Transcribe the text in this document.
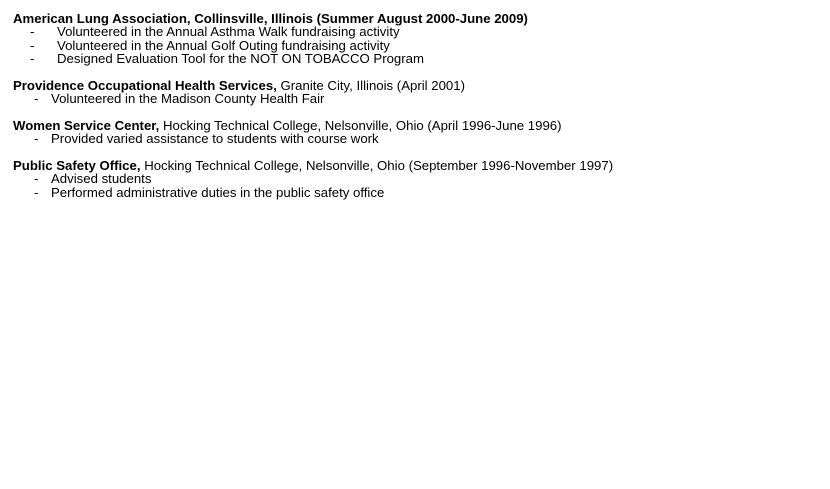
American Lung Association, Collinsville, Illinois (Summer August 2000-June 2009)
- Volunteered in the Annual Asthma Walk fundraising activity
- Volunteered in the Annual Golf Outing fundraising activity
- Designed Evaluation Tool for the NOT ON TOBACCO Program
Providence Occupational Health Services, Granite City, Illinois (April 2001)
- Volunteered in the Madison County Health Fair
Women Service Center, Hocking Technical College, Nelsonville, Ohio (April 1996-June 1996)
- Provided varied assistance to students with course work
Public Safety Office, Hocking Technical College, Nelsonville, Ohio (September 1996-November 1997)
- Advised students
- Performed administrative duties in the public safety office
